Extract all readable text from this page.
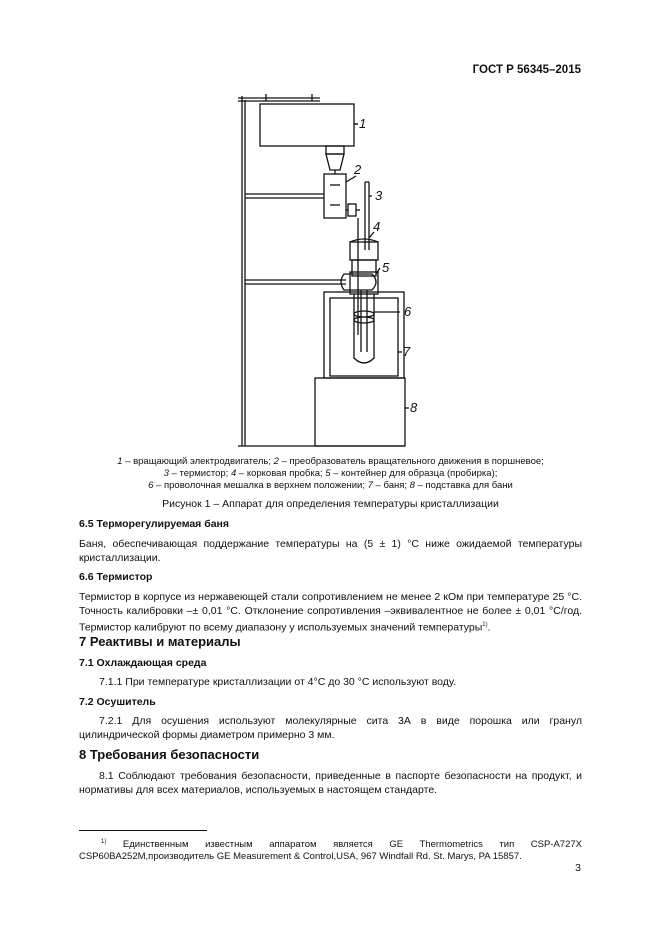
ГОСТ Р 56345–2015
1
2
3
4
5
6
7
8
1 – вращающий электродвигатель; 2 – преобразователь вращательного движения в поршневое;
3 – термистор; 4 – корковая пробка; 5 – контейнер для образца (пробирка);
6 – проволочная мешалка в верхнем положении; 7 – баня; 8 – подставка для бани
Рисунок 1 – Аппарат для определения температуры кристаллизации
6.5 Терморегулируемая баня
Баня, обеспечивающая поддержание температуры на (5 ± 1) °С ниже ожидаемой температуры кристаллизации.
6.6 Термистор
Термистор в корпусе из нержавеющей стали сопротивлением не менее 2 кОм при температуре 25 °С. Точность калибровки –± 0,01 °С. Отклонение сопротивления –эквивалентное не более ± 0,01 °С/год. Термистор калибруют по всему диапазону у используемых значений температуры$^{1)}$.
7 Реактивы и материалы
7.1 Охлаждающая среда
7.1.1 При температуре кристаллизации от 4°С до 30 °С используют воду.
7.2 Осушитель
7.2.1 Для осушения используют молекулярные сита 3А в виде порошка или гранул цилиндрической формы диаметром примерно 3 мм.
8 Требования безопасности
8.1 Соблюдают требования безопасности, приведенные в паспорте безопасности на продукт, и нормативы для всех материалов, используемых в настоящем стандарте.
$^{1)}$ Единственным известным аппаратом является GE Thermometrics тип CSP-A727X CSP60BA252M,производитель GE Measurement & Control,USA, 967 Windfall Rd. St. Marys, PA 15857.
3
